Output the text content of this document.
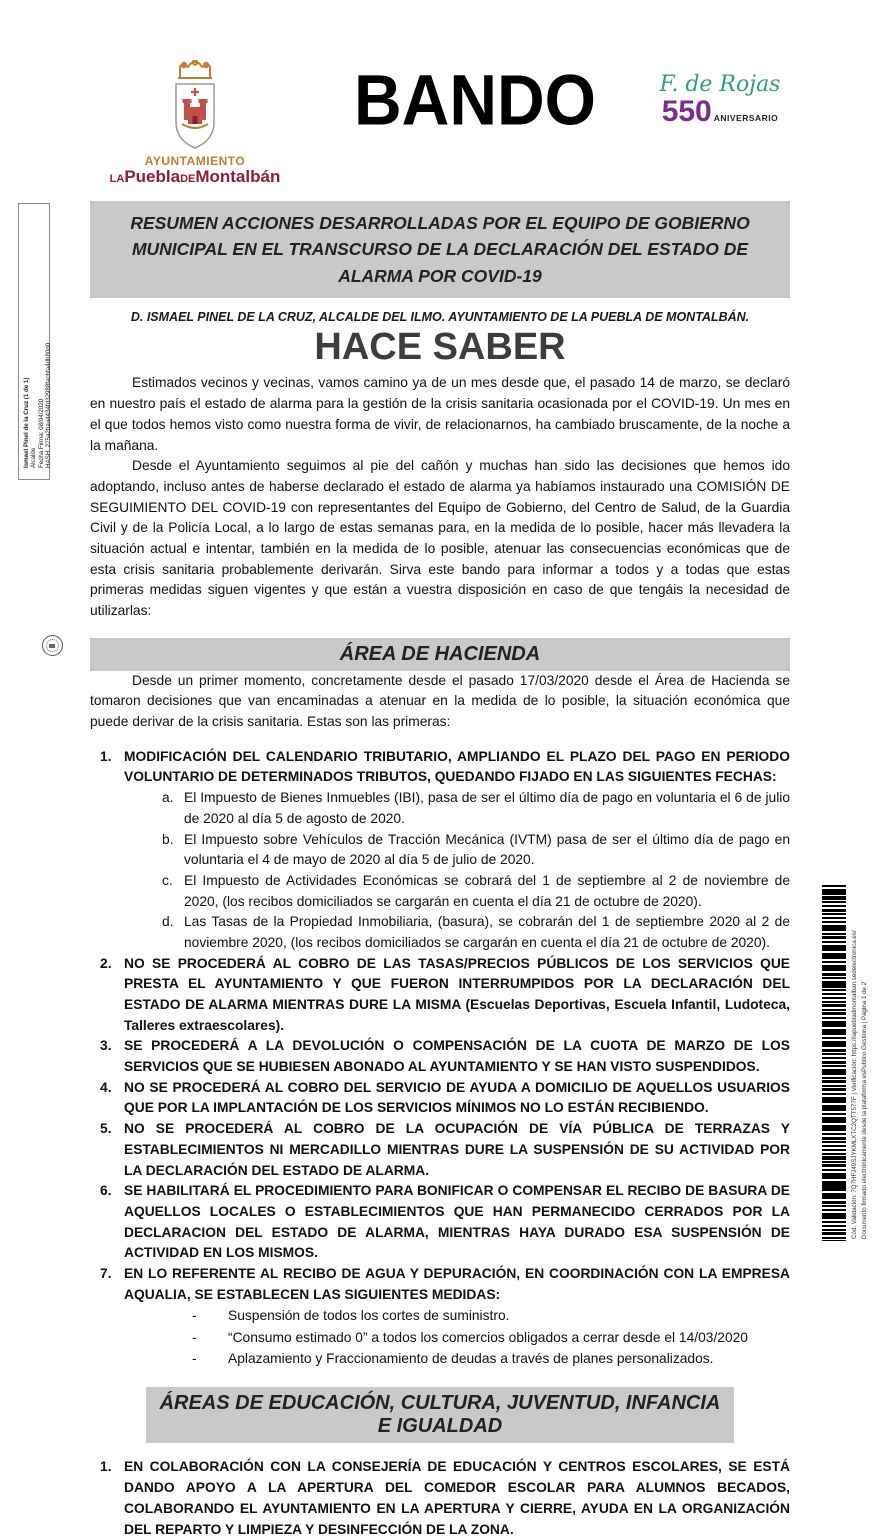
Ismael Pinel de la Cruz (1 de 1) Alcalde Fecha Firma: 08/04/2020 HASH: 275a2baa4434fd32988facbfa4db80d0
Cód. Validación: 7Q7HFJ49SJYKMLXTC2QTT577F | Verificación: https://lapuebladmontalban.sedelectronica.es/ Documento firmado electrónicamente desde la plataforma esPublico Gestiona | Página 1 de 2
AYUNTAMIENTO
LAPueblaDEMontalbán
BANDO	F. de Rojas
550 ANIVERSARIO
RESUMEN ACCIONES DESARROLLADAS POR EL EQUIPO DE GOBIERNO MUNICIPAL EN EL TRANSCURSO DE LA DECLARACIÓN DEL ESTADO DE ALARMA POR COVID-19
D. ISMAEL PINEL DE LA CRUZ, ALCALDE DEL ILMO. AYUNTAMIENTO DE LA PUEBLA DE MONTALBÁN.
HACE SABER

Estimados vecinos y vecinas, vamos camino ya de un mes desde que, el pasado 14 de marzo, se declaró en nuestro país el estado de alarma para la gestión de la crisis sanitaria ocasionada por el COVID-19. Un mes en el que todos hemos visto como nuestra forma de vivir, de relacionarnos, ha cambiado bruscamente, de la noche a la mañana.

Desde el Ayuntamiento seguimos al pie del cañón y muchas han sido las decisiones que hemos ido adoptando, incluso antes de haberse declarado el estado de alarma ya habíamos instaurado una COMISIÓN DE SEGUIMIENTO DEL COVID-19 con representantes del Equipo de Gobierno, del Centro de Salud, de la Guardia Civil y de la Policía Local, a lo largo de estas semanas para, en la medida de lo posible, hacer más llevadera la situación actual e intentar, también en la medida de lo posible, atenuar las consecuencias económicas que de esta crisis sanitaria probablemente derivarán. Sirva este bando para informar a todos y a todas que estas primeras medidas siguen vigentes y que están a vuestra disposición en caso de que tengáis la necesidad de utilizarlas:

ÁREA DE HACIENDA

Desde un primer momento, concretamente desde el pasado 17/03/2020 desde el Área de Hacienda se tomaron decisiones que van encaminadas a atenuar en la medida de lo posible, la situación económica que puede derivar de la crisis sanitaria. Estas son las primeras:

MODIFICACIÓN DEL CALENDARIO TRIBUTARIO, AMPLIANDO EL PLAZO DEL PAGO EN PERIODO VOLUNTARIO DE DETERMINADOS TRIBUTOS, QUEDANDO FIJADO EN LAS SIGUIENTES FECHAS:
El Impuesto de Bienes Inmuebles (IBI), pasa de ser el último día de pago en voluntaria el 6 de julio de 2020 al día 5 de agosto de 2020.
El Impuesto sobre Vehículos de Tracción Mecánica (IVTM) pasa de ser el último día de pago en voluntaria el 4 de mayo de 2020 al día 5 de julio de 2020.
El Impuesto de Actividades Económicas se cobrará del 1 de septiembre al 2 de noviembre de 2020, (los recibos domiciliados se cargarán en cuenta el día 21 de octubre de 2020).
Las Tasas de la Propiedad Inmobiliaria, (basura), se cobrarán del 1 de septiembre 2020 al 2 de noviembre 2020, (los recibos domiciliados se cargarán en cuenta el día 21 de octubre de 2020).
NO SE PROCEDERÁ AL COBRO DE LAS TASAS/PRECIOS PÚBLICOS DE LOS SERVICIOS QUE PRESTA EL AYUNTAMIENTO Y QUE FUERON INTERRUMPIDOS POR LA DECLARACIÓN DEL ESTADO DE ALARMA MIENTRAS DURE LA MISMA (Escuelas Deportivas, Escuela Infantil, Ludoteca, Talleres extraescolares).
SE PROCEDERÁ A LA DEVOLUCIÓN O COMPENSACIÓN DE LA CUOTA DE MARZO DE LOS SERVICIOS QUE SE HUBIESEN ABONADO AL AYUNTAMIENTO Y SE HAN VISTO SUSPENDIDOS.
NO SE PROCEDERÁ AL COBRO DEL SERVICIO DE AYUDA A DOMICILIO DE AQUELLOS USUARIOS QUE POR LA IMPLANTACIÓN DE LOS SERVICIOS MÍNIMOS NO LO ESTÁN RECIBIENDO.
NO SE PROCEDERÁ AL COBRO DE LA OCUPACIÓN DE VÍA PÚBLICA DE TERRAZAS Y ESTABLECIMIENTOS NI MERCADILLO MIENTRAS DURE LA SUSPENSIÓN DE SU ACTIVIDAD POR LA DECLARACIÓN DEL ESTADO DE ALARMA.
SE HABILITARÁ EL PROCEDIMIENTO PARA BONIFICAR O COMPENSAR EL RECIBO DE BASURA DE AQUELLOS LOCALES O ESTABLECIMIENTOS QUE HAN PERMANECIDO CERRADOS POR LA DECLARACION DEL ESTADO DE ALARMA, MIENTRAS HAYA DURADO ESA SUSPENSIÓN DE ACTIVIDAD EN LOS MISMOS.
EN LO REFERENTE AL RECIBO DE AGUA Y DEPURACIÓN, EN COORDINACIÓN CON LA EMPRESA AQUALIA, SE ESTABLECEN LAS SIGUIENTES MEDIDAS:
- Suspensión de todos los cortes de suministro.
- “Consumo estimado 0” a todos los comercios obligados a cerrar desde el 14/03/2020
- Aplazamiento y Fraccionamiento de deudas a través de planes personalizados.
ÁREAS DE EDUCACIÓN, CULTURA, JUVENTUD, INFANCIA E IGUALDAD
EN COLABORACIÓN CON LA CONSEJERÍA DE EDUCACIÓN Y CENTROS ESCOLARES, SE ESTÁ DANDO APOYO A LA APERTURA DEL COMEDOR ESCOLAR PARA ALUMNOS BECADOS, COLABORANDO EL AYUNTAMIENTO EN LA APERTURA Y CIERRE, AYUDA EN LA ORGANIZACIÓN DEL REPARTO Y LIMPIEZA Y DESINFECCIÓN DE LA ZONA.
